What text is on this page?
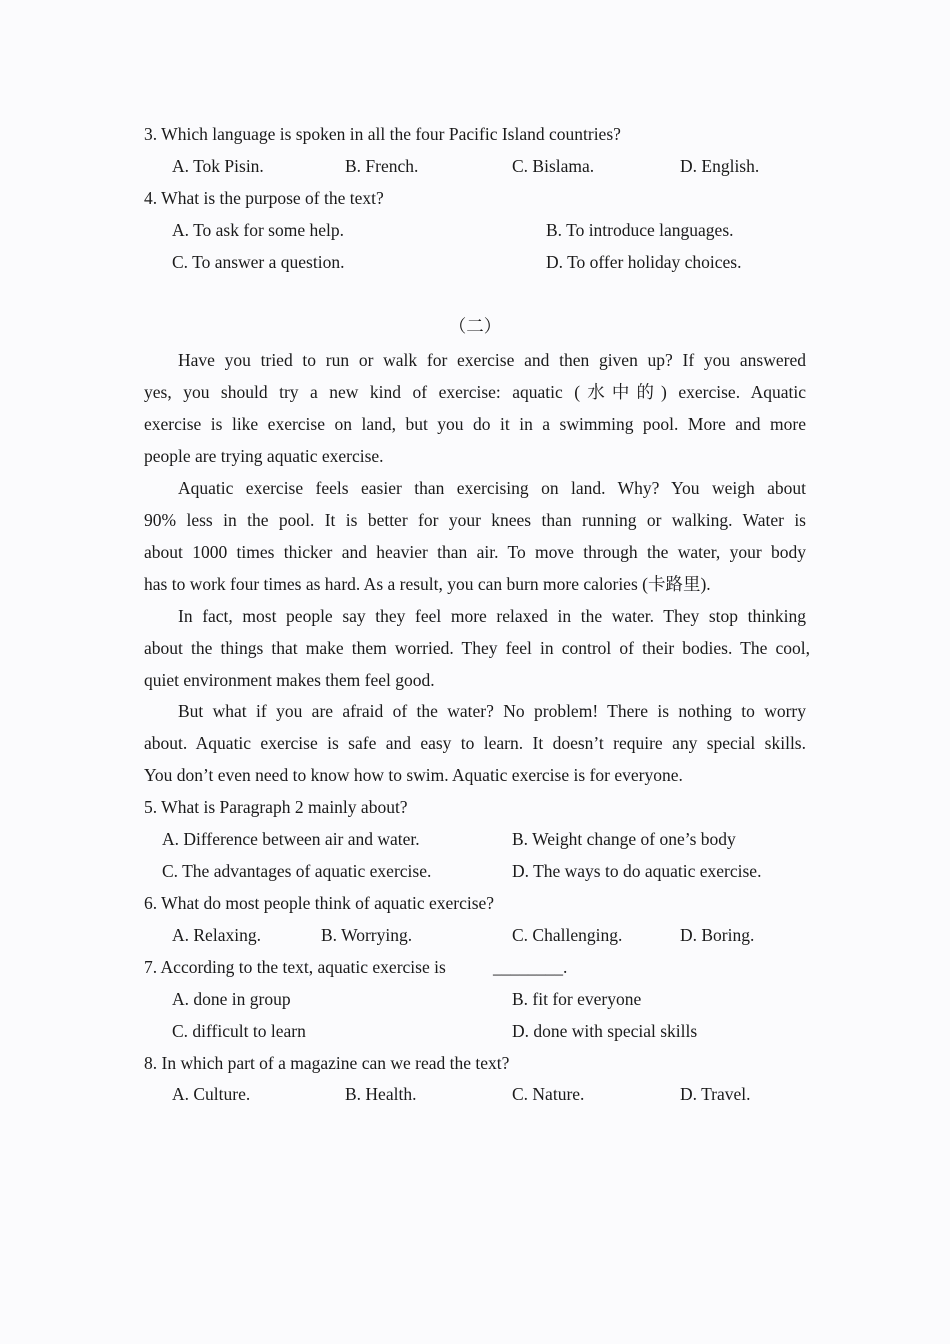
3. Which language is spoken in all the four Pacific Island countries?
A. Tok Pisin.	B. French.	C. Bislama.	D. English.
4. What is the purpose of the text?
A. To ask for some help.	B. To introduce languages.
C. To answer a question.	D. To offer holiday choices.
（二）
Have you tried to run or walk for exercise and then given up? If you answered
yes, you should try a new kind of exercise: aquatic (水中的) exercise. Aquatic
exercise is like exercise on land, but you do it in a swimming pool. More and more
people are trying aquatic exercise.
Aquatic exercise feels easier than exercising on land. Why? You weigh about
90% less in the pool. It is better for your knees than running or walking. Water is
about 1000 times thicker and heavier than air. To move through the water, your body
has to work four times as hard. As a result, you can burn more calories (卡路里).
In fact, most people say they feel more relaxed in the water. They stop thinking
about the things that make them worried. They feel in control of their bodies. The cool,
quiet environment makes them feel good.
But what if you are afraid of the water? No problem! There is nothing to worry
about. Aquatic exercise is safe and easy to learn. It doesn’t require any special skills.
You don’t even need to know how to swim. Aquatic exercise is for everyone.
5. What is Paragraph 2 mainly about?
A. Difference between air and water.	B. Weight change of one’s body
C. The advantages of aquatic exercise.	D. The ways to do aquatic exercise.
6. What do most people think of aquatic exercise?
A. Relaxing.	B. Worrying.	C. Challenging.	D. Boring.
7. According to the text, aquatic exercise is	________.
A. done in group	B. fit for everyone
C. difficult to learn	D. done with special skills
8. In which part of a magazine can we read the text?
A. Culture.	B. Health.	C. Nature.	D. Travel.
